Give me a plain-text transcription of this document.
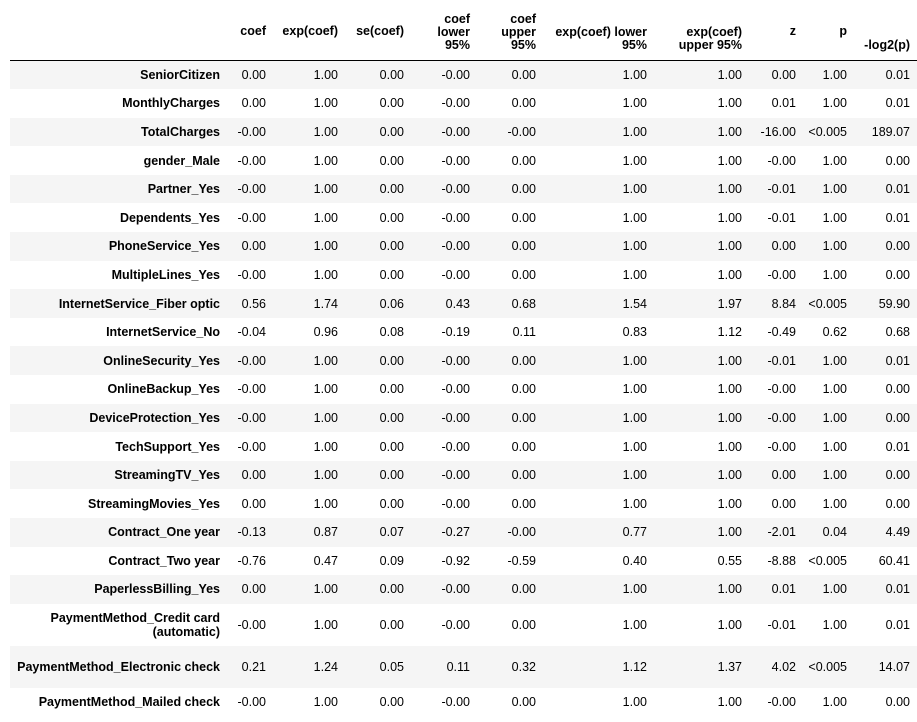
	coef	exp(coef)	se(coef)	coef lower 95%	coef upper 95%	exp(coef) lower 95%	exp(coef) upper 95%	z	p	-log2(p)
SeniorCitizen	0.00	1.00	0.00	-0.00	0.00	1.00	1.00	0.00	1.00	0.01
MonthlyCharges	0.00	1.00	0.00	-0.00	0.00	1.00	1.00	0.01	1.00	0.01
TotalCharges	-0.00	1.00	0.00	-0.00	-0.00	1.00	1.00	-16.00	<0.005	189.07
gender_Male	-0.00	1.00	0.00	-0.00	0.00	1.00	1.00	-0.00	1.00	0.00
Partner_Yes	-0.00	1.00	0.00	-0.00	0.00	1.00	1.00	-0.01	1.00	0.01
Dependents_Yes	-0.00	1.00	0.00	-0.00	0.00	1.00	1.00	-0.01	1.00	0.01
PhoneService_Yes	0.00	1.00	0.00	-0.00	0.00	1.00	1.00	0.00	1.00	0.00
MultipleLines_Yes	-0.00	1.00	0.00	-0.00	0.00	1.00	1.00	-0.00	1.00	0.00
InternetService_Fiber optic	0.56	1.74	0.06	0.43	0.68	1.54	1.97	8.84	<0.005	59.90
InternetService_No	-0.04	0.96	0.08	-0.19	0.11	0.83	1.12	-0.49	0.62	0.68
OnlineSecurity_Yes	-0.00	1.00	0.00	-0.00	0.00	1.00	1.00	-0.01	1.00	0.01
OnlineBackup_Yes	-0.00	1.00	0.00	-0.00	0.00	1.00	1.00	-0.00	1.00	0.00
DeviceProtection_Yes	-0.00	1.00	0.00	-0.00	0.00	1.00	1.00	-0.00	1.00	0.00
TechSupport_Yes	-0.00	1.00	0.00	-0.00	0.00	1.00	1.00	-0.00	1.00	0.01
StreamingTV_Yes	0.00	1.00	0.00	-0.00	0.00	1.00	1.00	0.00	1.00	0.00
StreamingMovies_Yes	0.00	1.00	0.00	-0.00	0.00	1.00	1.00	0.00	1.00	0.00
Contract_One year	-0.13	0.87	0.07	-0.27	-0.00	0.77	1.00	-2.01	0.04	4.49
Contract_Two year	-0.76	0.47	0.09	-0.92	-0.59	0.40	0.55	-8.88	<0.005	60.41
PaperlessBilling_Yes	0.00	1.00	0.00	-0.00	0.00	1.00	1.00	0.01	1.00	0.01
PaymentMethod_Credit card (automatic)	-0.00	1.00	0.00	-0.00	0.00	1.00	1.00	-0.01	1.00	0.01
PaymentMethod_Electronic check	0.21	1.24	0.05	0.11	0.32	1.12	1.37	4.02	<0.005	14.07
PaymentMethod_Mailed check	-0.00	1.00	0.00	-0.00	0.00	1.00	1.00	-0.00	1.00	0.00
